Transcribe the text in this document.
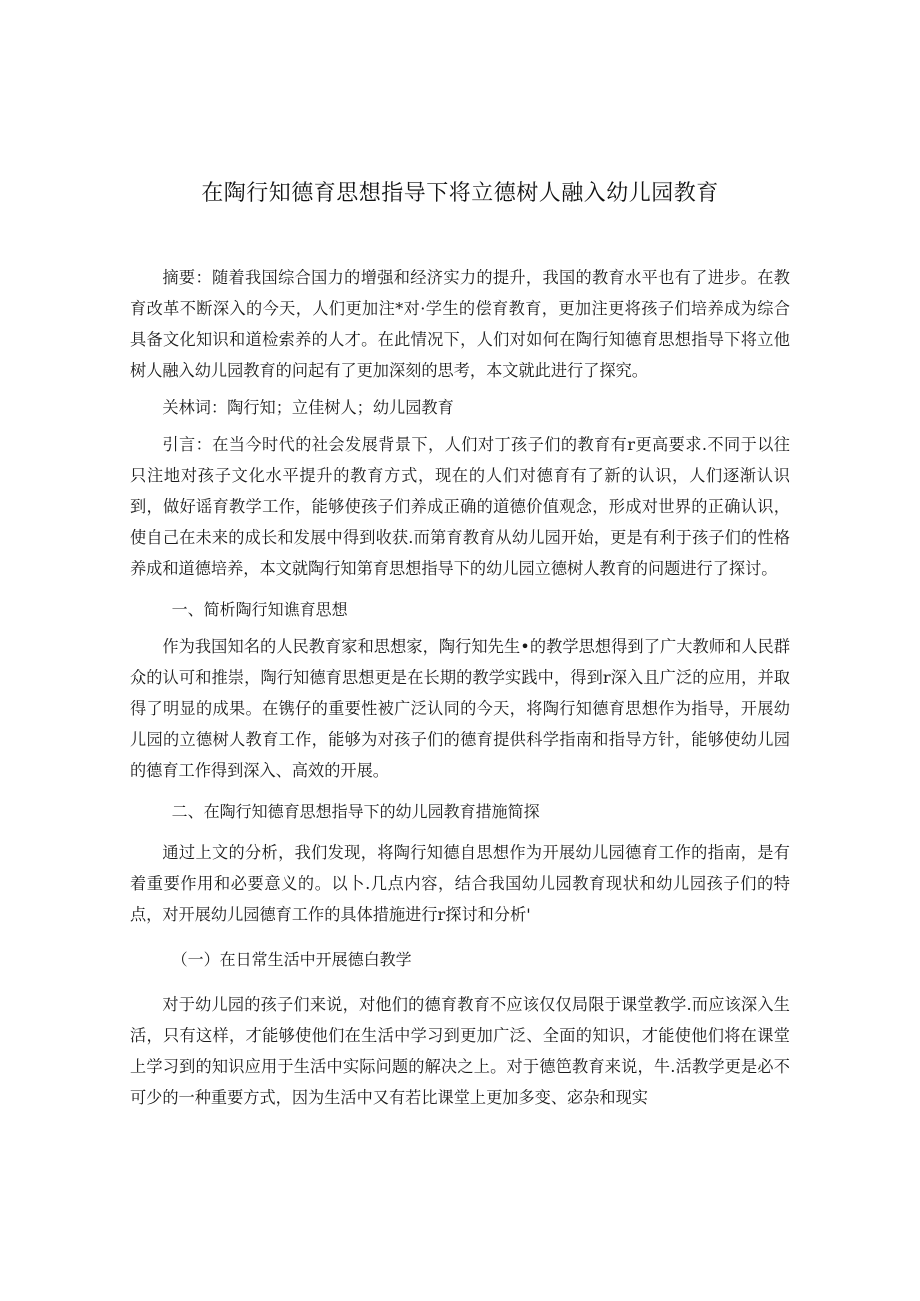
在陶行知德育思想指导下将立德树人融入幼儿园教育

摘要：随着我国综合国力的增强和经济实力的提升，我国的教育水平也有了进步。在教育改革不断深入的今天，人们更加注*对·学生的偿育教育，更加注更将孩子们培养成为综合具备文化知识和道检索养的人才。在此情况下，人们对如何在陶行知德育思想指导下将立他树人融入幼儿园教育的问起有了更加深刻的思考，本文就此进行了探究。

关林词：陶行知；立佳树人；幼儿园教育

引言：在当今时代的社会发展背景下，人们对丁孩子们的教育有r更高要求.不同于以往只注地对孩子文化水平提升的教育方式，现在的人们对德育有了新的认识，人们逐渐认识到，做好谣育教学工作，能够使孩子们养成正确的道德价值观念，形成对世界的正确认识，使自己在未来的成长和发展中得到收获.而第育教育从幼儿园开始，更是有利于孩子们的性格养成和道德培养，本文就陶行知第育思想指导下的幼儿园立德树人教育的问题进行了探讨。

一、简析陶行知谯育思想

作为我国知名的人民教育家和思想家，陶行知先生•的教学思想得到了广大教师和人民群众的认可和推崇，陶行知德育思想更是在长期的教学实践中，得到r深入且广泛的应用，并取得了明显的成果。在镌仔的重要性被广泛认同的今天，将陶行知德育思想作为指导，开展幼儿园的立德树人教育工作，能够为对孩子们的德育提供科学指南和指导方针，能够使幼儿园的德育工作得到深入、高效的开展。

二、在陶行知德育思想指导下的幼儿园教育措施简探

通过上文的分析，我们发现，将陶行知德自思想作为开展幼儿园德育工作的指南，是有着重要作用和必要意义的。以卜.几点内容，结合我国幼儿园教育现状和幼儿园孩子们的特点，对开展幼儿园德育工作的具体措施进行r探讨和分析'

（一）在日常生活中开展德白教学

对于幼儿园的孩子们来说，对他们的德育教育不应该仅仅局限于课堂教学.而应该深入生活，只有这样，才能够使他们在生活中学习到更加广泛、全面的知识，才能使他们将在课堂上学习到的知识应用于生活中实际问题的解决之上。对于德笆教育来说，牛.活教学更是必不可少的一种重要方式，因为生活中又有若比课堂上更加多变、宓杂和现实
